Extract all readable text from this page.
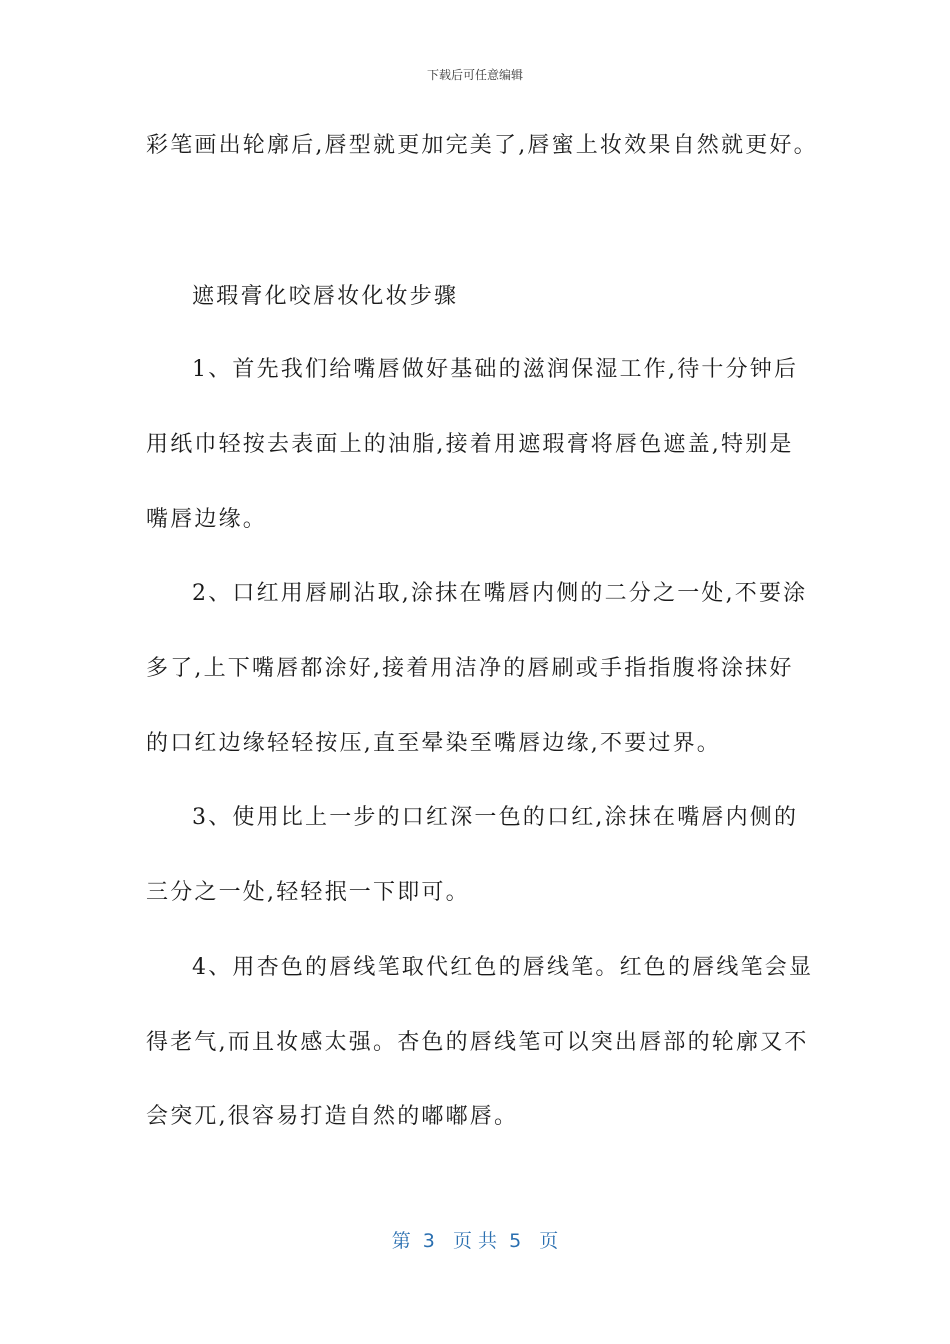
下载后可任意编辑
彩笔画出轮廓后,唇型就更加完美了,唇蜜上妆效果自然就更好。
遮瑕膏化咬唇妆化妆步骤
1、首先我们给嘴唇做好基础的滋润保湿工作,待十分钟后
用纸巾轻按去表面上的油脂,接着用遮瑕膏将唇色遮盖,特别是
嘴唇边缘。
2、口红用唇刷沾取,涂抹在嘴唇内侧的二分之一处,不要涂
多了,上下嘴唇都涂好,接着用洁净的唇刷或手指指腹将涂抹好
的口红边缘轻轻按压,直至晕染至嘴唇边缘,不要过界。
3、使用比上一步的口红深一色的口红,涂抹在嘴唇内侧的
三分之一处,轻轻抿一下即可。
4、用杏色的唇线笔取代红色的唇线笔。红色的唇线笔会显
得老气,而且妆感太强。杏色的唇线笔可以突出唇部的轮廓又不
会突兀,很容易打造自然的嘟嘟唇。
第  3   页 共  5   页
